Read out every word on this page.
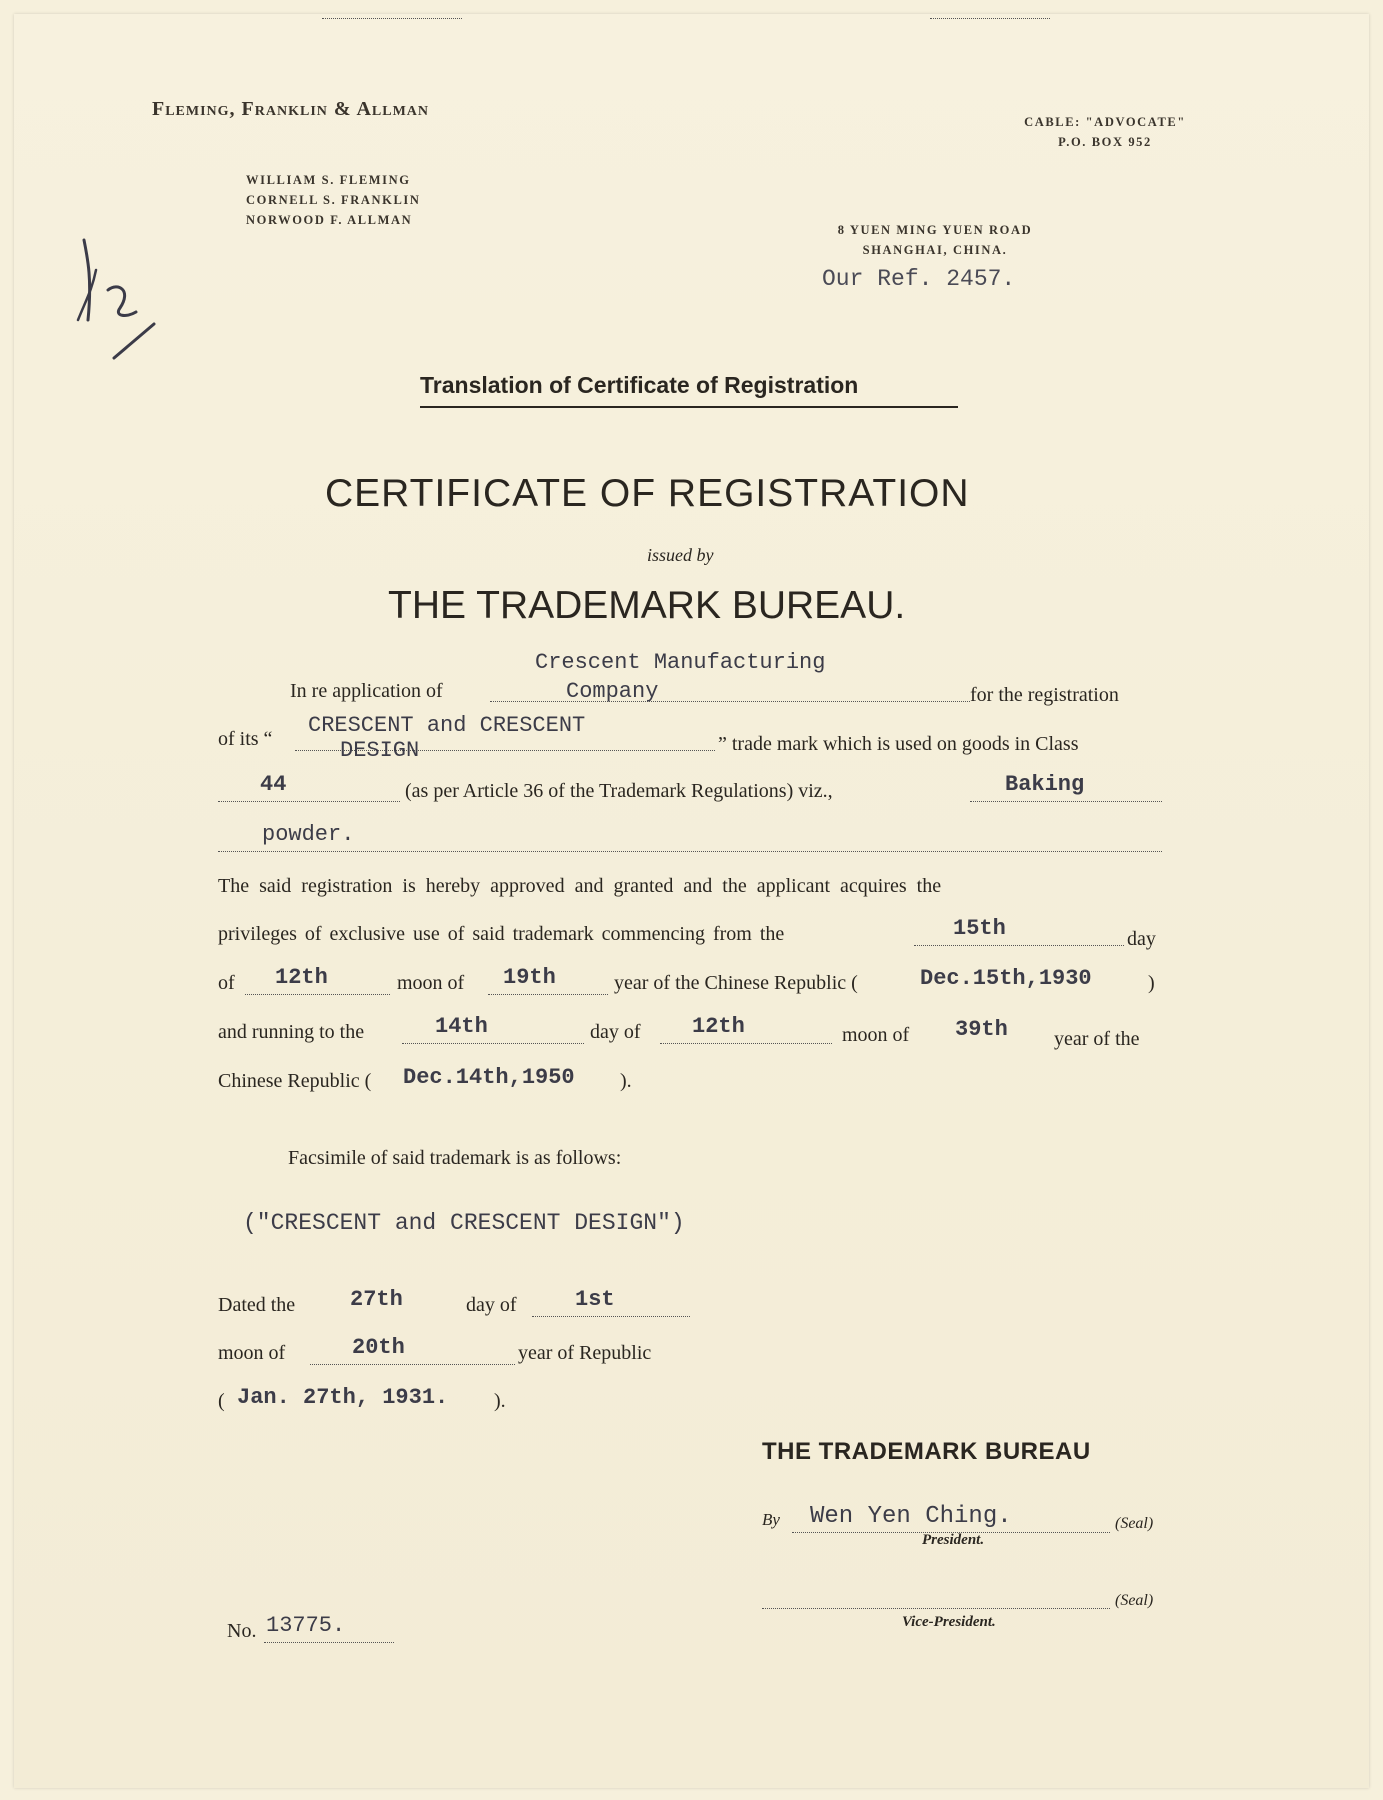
Fleming, Franklin & Allman
WILLIAM S. FLEMING
CORNELL S. FRANKLIN
NORWOOD F. ALLMAN
CABLE: "ADVOCATE"
P.O. BOX 952
8 YUEN MING YUEN ROAD
SHANGHAI, CHINA.
Our Ref. 2457.
Translation of Certificate of Registration
CERTIFICATE OF REGISTRATION
issued by
THE TRADEMARK BUREAU.
In re application of
Crescent Manufacturing
Company	for the registration
of its “
CRESCENT and CRESCENT
DESIGN	” trade mark which is used on goods in Class
44	(as per Article 36 of the Trademark Regulations) viz.,	Baking
powder.
The said registration is hereby approved and granted and the applicant acquires the
privileges of exclusive use of said trademark commencing from the	15th	day
of 12th	moon of 19th	year of the Chinese Republic (	Dec.15th,1930	)
and running to the	14th	day of 12th	moon of 39th year of the
Chinese Republic ( Dec.14th,1950 ).
Facsimile of said trademark is as follows:
("CRESCENT and CRESCENT DESIGN")
Dated the 27th	day of	1st
moon of	20th	year of Republic
( Jan. 27th, 1931. ).
THE TRADEMARK BUREAU
By Wen Yen Ching.	(Seal)
President.
(Seal)
Vice-President.
No. 13775.
